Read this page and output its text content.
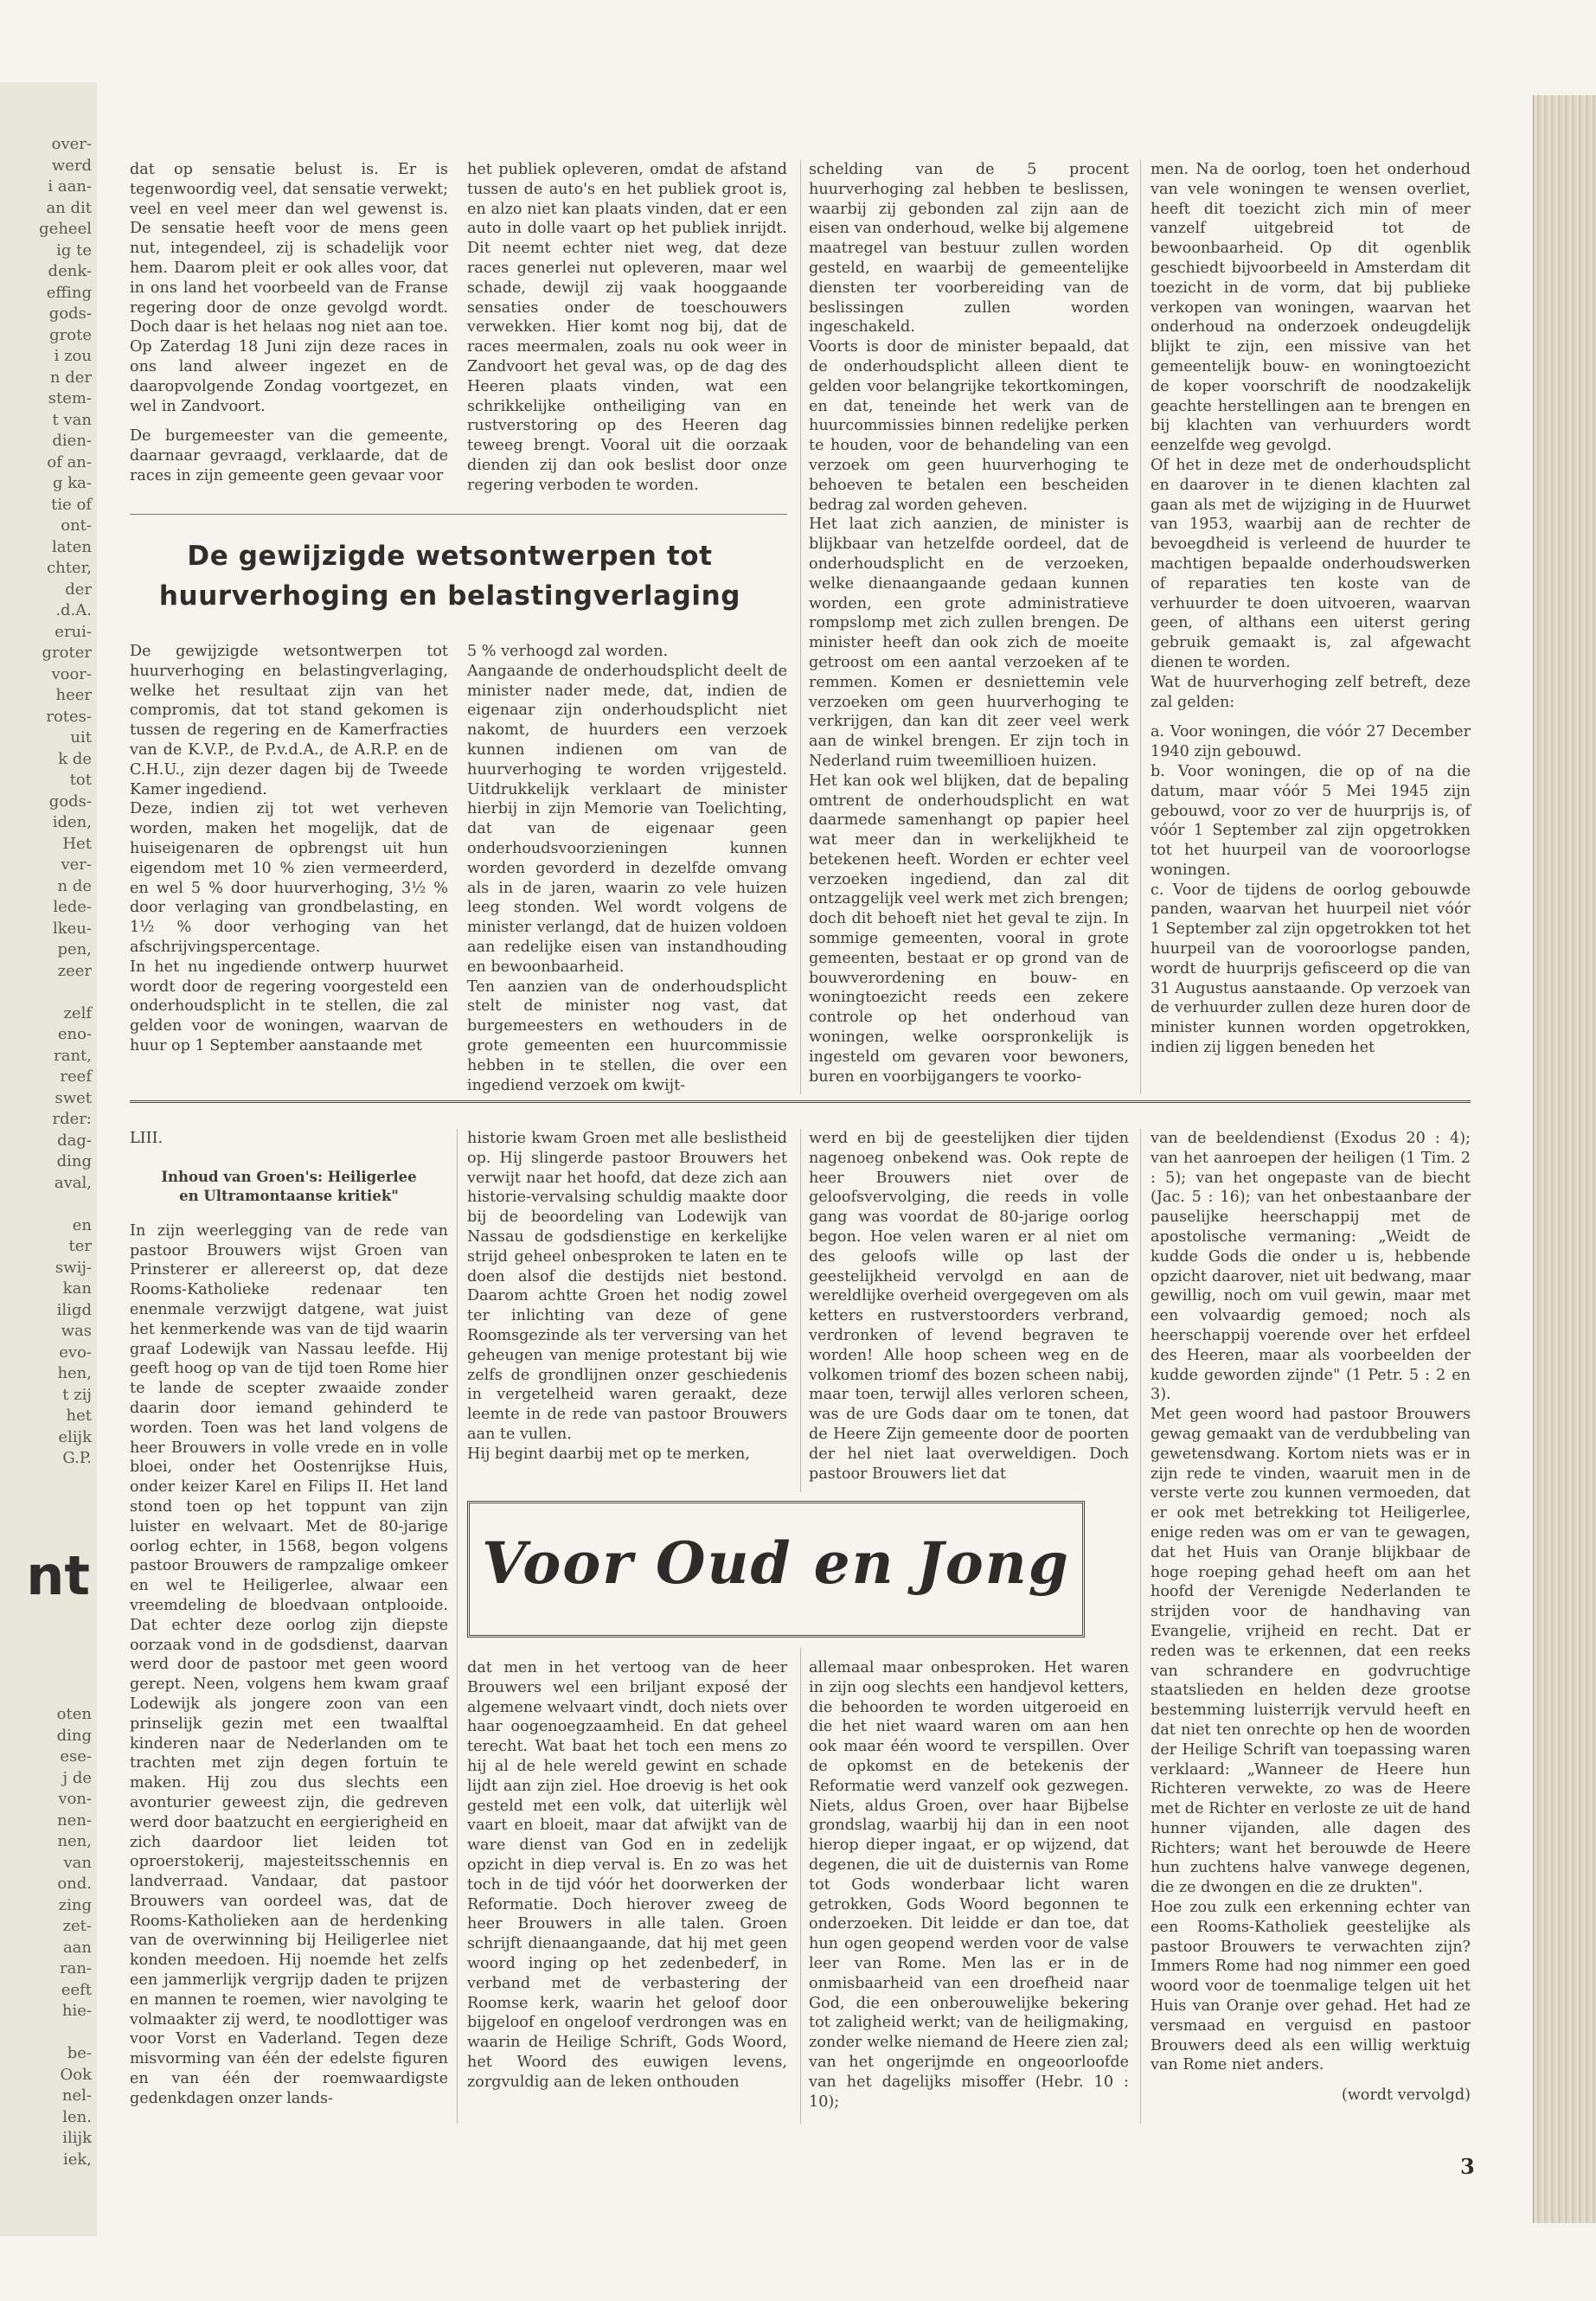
over-
werd
i aan-
an dit
geheel
ig te
denk-
effing
gods-
grote
i zou
n der
stem-
t van
dien-
of an-
g ka-
tie of
ont-
laten
chter,
der
.d.A.
erui-
groter
voor-
heer
rotes-
uit
k de
tot
gods-
iden,
Het
ver-
n de
lede-
lkeu-
pen,
zeer

zelf
eno-
rant,
reef
swet
rder:
dag-
ding
aval,

en
ter
swij-
kan
iligd
was
evo-
hen,
t zij
het
elijk
G.P.
oten
ding
ese-
j de
von-
nen-
nen,
van
ond.
zing
zet-
aan
ran-
eeft
hie-

be-
Ook
nel-
len.
ilijk
iek,
nt

dat op sensatie belust is. Er is tegenwoordig veel, dat sensatie verwekt; veel en veel meer dan wel gewenst is. De sensatie heeft voor de mens geen nut, integendeel, zij is schadelijk voor hem. Daarom pleit er ook alles voor, dat in ons land het voorbeeld van de Franse regering door de onze gevolgd wordt. Doch daar is het helaas nog niet aan toe. Op Zaterdag 18 Juni zijn deze races in ons land alweer ingezet en de daaropvolgende Zondag voortgezet, en wel in Zandvoort.

De burgemeester van die gemeente, daarnaar gevraagd, verklaarde, dat de races in zijn gemeente geen gevaar voor

het publiek opleveren, omdat de afstand tussen de auto's en het publiek groot is, en alzo niet kan plaats vinden, dat er een auto in dolle vaart op het publiek inrijdt. Dit neemt echter niet weg, dat deze races generlei nut opleveren, maar wel schade, dewijl zij vaak hooggaande sensaties onder de toeschouwers verwekken. Hier komt nog bij, dat de races meermalen, zoals nu ook weer in Zandvoort het geval was, op de dag des Heeren plaats vinden, wat een schrikkelijke ontheiliging van en rustverstoring op des Heeren dag teweeg brengt. Vooral uit die oorzaak dienden zij dan ook beslist door onze regering verboden te worden.

De gewijzigde wetsontwerpen tot
huurverhoging en belastingverlaging

De gewijzigde wetsontwerpen tot huurverhoging en belastingverlaging, welke het resultaat zijn van het compromis, dat tot stand gekomen is tussen de regering en de Kamerfracties van de K.V.P., de P.v.d.A., de A.R.P. en de C.H.U., zijn dezer dagen bij de Tweede Kamer ingediend.

Deze, indien zij tot wet verheven worden, maken het mogelijk, dat de huiseigenaren de opbrengst uit hun eigendom met 10 % zien vermeerderd, en wel 5 % door huurverhoging, 3½ % door verlaging van grondbelasting, en 1½ % door verhoging van het afschrijvingspercentage.

In het nu ingediende ontwerp huurwet wordt door de regering voorgesteld een onderhoudsplicht in te stellen, die zal gelden voor de woningen, waarvan de huur op 1 September aanstaande met

5 % verhoogd zal worden.

Aangaande de onderhoudsplicht deelt de minister nader mede, dat, indien de eigenaar zijn onderhoudsplicht niet nakomt, de huurders een verzoek kunnen indienen om van de huurverhoging te worden vrijgesteld. Uitdrukkelijk verklaart de minister hierbij in zijn Memorie van Toelichting, dat van de eigenaar geen onderhoudsvoorzieningen kunnen worden gevorderd in dezelfde omvang als in de jaren, waarin zo vele huizen leeg stonden. Wel wordt volgens de minister verlangd, dat de huizen voldoen aan redelijke eisen van instandhouding en bewoonbaarheid.

Ten aanzien van de onderhoudsplicht stelt de minister nog vast, dat burgemeesters en wethouders in de grote gemeenten een huurcommissie hebben in te stellen, die over een ingediend verzoek om kwijt-

schelding van de 5 procent huurverhoging zal hebben te beslissen, waarbij zij gebonden zal zijn aan de eisen van onderhoud, welke bij algemene maatregel van bestuur zullen worden gesteld, en waarbij de gemeentelijke diensten ter voorbereiding van de beslissingen zullen worden ingeschakeld.

Voorts is door de minister bepaald, dat de onderhoudsplicht alleen dient te gelden voor belangrijke tekortkomingen, en dat, teneinde het werk van de huurcommissies binnen redelijke perken te houden, voor de behandeling van een verzoek om geen huurverhoging te behoeven te betalen een bescheiden bedrag zal worden geheven.

Het laat zich aanzien, de minister is blijkbaar van hetzelfde oordeel, dat de onderhoudsplicht en de verzoeken, welke dienaangaande gedaan kunnen worden, een grote administratieve rompslomp met zich zullen brengen. De minister heeft dan ook zich de moeite getroost om een aantal verzoeken af te remmen. Komen er desniettemin vele verzoeken om geen huurverhoging te verkrijgen, dan kan dit zeer veel werk aan de winkel brengen. Er zijn toch in Nederland ruim tweemillioen huizen.

Het kan ook wel blijken, dat de bepaling omtrent de onderhoudsplicht en wat daarmede samenhangt op papier heel wat meer dan in werkelijkheid te betekenen heeft. Worden er echter veel verzoeken ingediend, dan zal dit ontzaggelijk veel werk met zich brengen; doch dit behoeft niet het geval te zijn. In sommige gemeenten, vooral in grote gemeenten, bestaat er op grond van de bouwverordening en bouw- en woningtoezicht reeds een zekere controle op het onderhoud van woningen, welke oorspronkelijk is ingesteld om gevaren voor bewoners, buren en voorbijgangers te voorko-

men. Na de oorlog, toen het onderhoud van vele woningen te wensen overliet, heeft dit toezicht zich min of meer vanzelf uitgebreid tot de bewoonbaarheid. Op dit ogenblik geschiedt bijvoorbeeld in Amsterdam dit toezicht in de vorm, dat bij publieke verkopen van woningen, waarvan het onderhoud na onderzoek ondeugdelijk blijkt te zijn, een missive van het gemeentelijk bouw- en woningtoezicht de koper voorschrift de noodzakelijk geachte herstellingen aan te brengen en bij klachten van verhuurders wordt eenzelfde weg gevolgd.

Of het in deze met de onderhoudsplicht en daarover in te dienen klachten zal gaan als met de wijziging in de Huurwet van 1953, waarbij aan de rechter de bevoegdheid is verleend de huurder te machtigen bepaalde onderhoudswerken of reparaties ten koste van de verhuurder te doen uitvoeren, waarvan geen, of althans een uiterst gering gebruik gemaakt is, zal afgewacht dienen te worden.

Wat de huurverhoging zelf betreft, deze zal gelden:

a. Voor woningen, die vóór 27 December 1940 zijn gebouwd.

b. Voor woningen, die op of na die datum, maar vóór 5 Mei 1945 zijn gebouwd, voor zo ver de huurprijs is, of vóór 1 September zal zijn opgetrokken tot het huurpeil van de vooroorlogse woningen.

c. Voor de tijdens de oorlog gebouwde panden, waarvan het huurpeil niet vóór 1 September zal zijn opgetrokken tot het huurpeil van de vooroorlogse panden, wordt de huurprijs gefisceerd op die van 31 Augustus aanstaande. Op verzoek van de verhuurder zullen deze huren door de minister kunnen worden opgetrokken, indien zij liggen beneden het

LIII.
Inhoud van Groen's: Heiligerlee
en Ultramontaanse kritiek"

In zijn weerlegging van de rede van pastoor Brouwers wijst Groen van Prinsterer er allereerst op, dat deze Rooms-Katholieke redenaar ten enenmale verzwijgt datgene, wat juist het kenmerkende was van de tijd waarin graaf Lodewijk van Nassau leefde. Hij geeft hoog op van de tijd toen Rome hier te lande de scepter zwaaide zonder daarin door iemand gehinderd te worden. Toen was het land volgens de heer Brouwers in volle vrede en in volle bloei, onder het Oostenrijkse Huis, onder keizer Karel en Filips II. Het land stond toen op het toppunt van zijn luister en welvaart. Met de 80-jarige oorlog echter, in 1568, begon volgens pastoor Brouwers de rampzalige omkeer en wel te Heiligerlee, alwaar een vreemdeling de bloedvaan ontplooide. Dat echter deze oorlog zijn diepste oorzaak vond in de godsdienst, daarvan werd door de pastoor met geen woord gerept. Neen, volgens hem kwam graaf Lodewijk als jongere zoon van een prinselijk gezin met een twaalftal kinderen naar de Nederlanden om te trachten met zijn degen fortuin te maken. Hij zou dus slechts een avonturier geweest zijn, die gedreven werd door baatzucht en eergierigheid en zich daardoor liet leiden tot oproerstokerij, majesteitsschennis en landverraad. Vandaar, dat pastoor Brouwers van oordeel was, dat de Rooms-Katholieken aan de herdenking van de overwinning bij Heiligerlee niet konden meedoen. Hij noemde het zelfs een jammerlijk vergrijp daden te prijzen en mannen te roemen, wier navolging te volmaakter zij werd, te noodlottiger was voor Vorst en Vaderland. Tegen deze misvorming van één der edelste figuren en van één der roemwaardigste gedenkdagen onzer lands-

historie kwam Groen met alle beslistheid op. Hij slingerde pastoor Brouwers het verwijt naar het hoofd, dat deze zich aan historie-vervalsing schuldig maakte door bij de beoordeling van Lodewijk van Nassau de godsdienstige en kerkelijke strijd geheel onbesproken te laten en te doen alsof die destijds niet bestond. Daarom achtte Groen het nodig zowel ter inlichting van deze of gene Roomsgezinde als ter verversing van het geheugen van menige protestant bij wie zelfs de grondlijnen onzer geschiedenis in vergetelheid waren geraakt, deze leemte in de rede van pastoor Brouwers aan te vullen.

Hij begint daarbij met op te merken,

werd en bij de geestelijken dier tijden nagenoeg onbekend was. Ook repte de heer Brouwers niet over de geloofsvervolging, die reeds in volle gang was voordat de 80-jarige oorlog begon. Hoe velen waren er al niet om des geloofs wille op last der geestelijkheid vervolgd en aan de wereldlijke overheid overgegeven om als ketters en rustverstoorders verbrand, verdronken of levend begraven te worden! Alle hoop scheen weg en de volkomen triomf des bozen scheen nabij, maar toen, terwijl alles verloren scheen, was de ure Gods daar om te tonen, dat de Heere Zijn gemeente door de poorten der hel niet laat overweldigen. Doch pastoor Brouwers liet dat

Voor Oud en Jong

dat men in het vertoog van de heer Brouwers wel een briljant exposé der algemene welvaart vindt, doch niets over haar oogenoegzaamheid. En dat geheel terecht. Wat baat het toch een mens zo hij al de hele wereld gewint en schade lijdt aan zijn ziel. Hoe droevig is het ook gesteld met een volk, dat uiterlijk wèl vaart en bloeit, maar dat afwijkt van de ware dienst van God en in zedelijk opzicht in diep verval is. En zo was het toch in de tijd vóór het doorwerken der Reformatie. Doch hierover zweeg de heer Brouwers in alle talen. Groen schrijft dienaangaande, dat hij met geen woord inging op het zedenbederf, in verband met de verbastering der Roomse kerk, waarin het geloof door bijgeloof en ongeloof verdrongen was en waarin de Heilige Schrift, Gods Woord, het Woord des euwigen levens, zorgvuldig aan de leken onthouden

allemaal maar onbesproken. Het waren in zijn oog slechts een handjevol ketters, die behoorden te worden uitgeroeid en die het niet waard waren om aan hen ook maar één woord te verspillen. Over de opkomst en de betekenis der Reformatie werd vanzelf ook gezwegen. Niets, aldus Groen, over haar Bijbelse grondslag, waarbij hij dan in een noot hierop dieper ingaat, er op wijzend, dat degenen, die uit de duisternis van Rome tot Gods wonderbaar licht waren getrokken, Gods Woord begonnen te onderzoeken. Dit leidde er dan toe, dat hun ogen geopend werden voor de valse leer van Rome. Men las er in de onmisbaarheid van een droefheid naar God, die een onberouwelijke bekering tot zaligheid werkt; van de heiligmaking, zonder welke niemand de Heere zien zal; van het ongerijmde en ongeoorloofde van het dagelijks misoffer (Hebr. 10 : 10);

van de beeldendienst (Exodus 20 : 4); van het aanroepen der heiligen (1 Tim. 2 : 5); van het ongepaste van de biecht (Jac. 5 : 16); van het onbestaanbare der pauselijke heerschappij met de apostolische vermaning: „Weidt de kudde Gods die onder u is, hebbende opzicht daarover, niet uit bedwang, maar gewillig, noch om vuil gewin, maar met een volvaardig gemoed; noch als heerschappij voerende over het erfdeel des Heeren, maar als voorbeelden der kudde geworden zijnde" (1 Petr. 5 : 2 en 3).

Met geen woord had pastoor Brouwers gewag gemaakt van de verdubbeling van gewetensdwang. Kortom niets was er in zijn rede te vinden, waaruit men in de verste verte zou kunnen vermoeden, dat er ook met betrekking tot Heiligerlee, enige reden was om er van te gewagen, dat het Huis van Oranje blijkbaar de hoge roeping gehad heeft om aan het hoofd der Verenigde Nederlanden te strijden voor de handhaving van Evangelie, vrijheid en recht. Dat er reden was te erkennen, dat een reeks van schrandere en godvruchtige staatslieden en helden deze grootse bestemming luisterrijk vervuld heeft en dat niet ten onrechte op hen de woorden der Heilige Schrift van toepassing waren verklaard: „Wanneer de Heere hun Richteren verwekte, zo was de Heere met de Richter en verloste ze uit de hand hunner vijanden, alle dagen des Richters; want het berouwde de Heere hun zuchtens halve vanwege degenen, die ze dwongen en die ze drukten".

Hoe zou zulk een erkenning echter van een Rooms-Katholiek geestelijke als pastoor Brouwers te verwachten zijn? Immers Rome had nog nimmer een goed woord voor de toenmalige telgen uit het Huis van Oranje over gehad. Het had ze versmaad en verguisd en pastoor Brouwers deed als een willig werktuig van Rome niet anders.

(wordt vervolgd)

3
